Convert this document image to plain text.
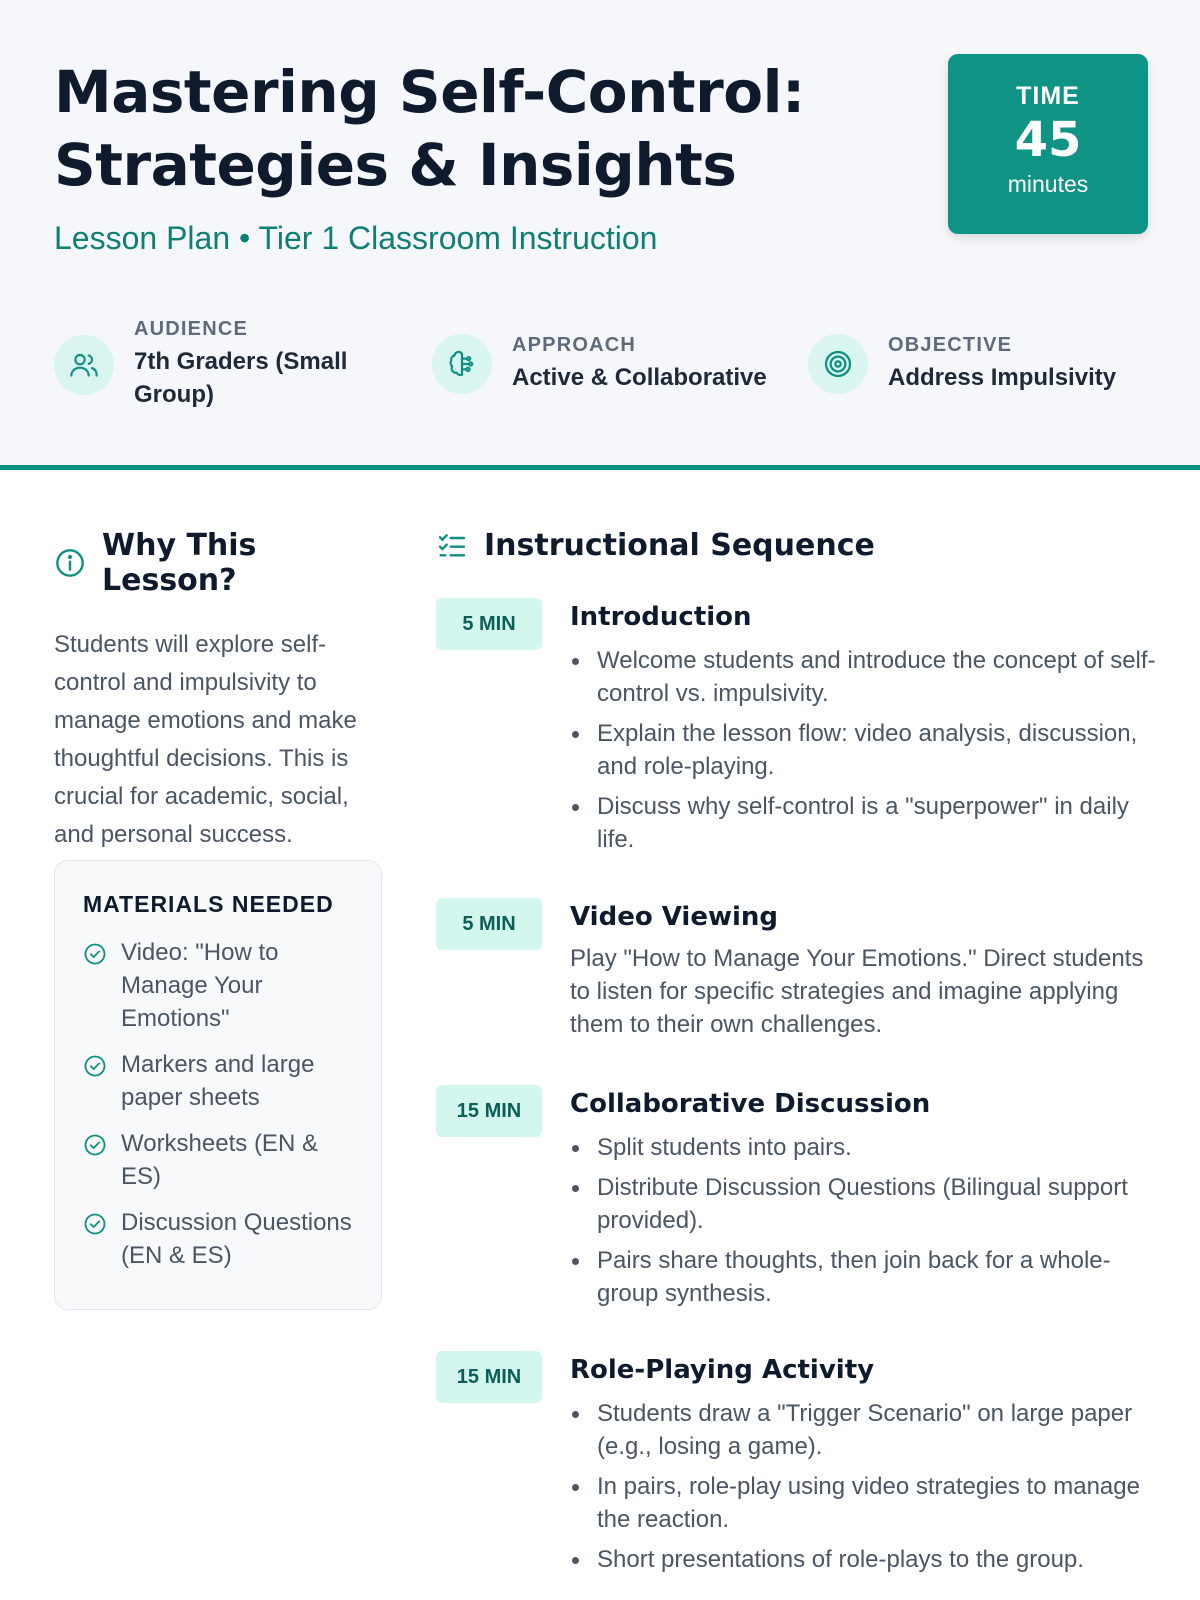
Mastering Self-Control:
Strategies & Insights
Lesson Plan • Tier 1 Classroom Instruction
TIME
45
minutes
AUDIENCE
7th Graders (Small Group)
APPROACH
Active & Collaborative
OBJECTIVE
Address Impulsivity
Why This Lesson?

Students will explore self-control and impulsivity to manage emotions and make thoughtful decisions. This is crucial for academic, social, and personal success.

MATERIALS NEEDED
Video: "How to Manage Your Emotions"
Markers and large paper sheets
Worksheets (EN & ES)
Discussion Questions (EN & ES)
Instructional Sequence
5 MIN	Introduction
Welcome students and introduce the concept of self-control vs. impulsivity.
Explain the lesson flow: video analysis, discussion, and role-playing.
Discuss why self-control is a "superpower" in daily life.
5 MIN	Video Viewing

Play "How to Manage Your Emotions." Direct students to listen for specific strategies and imagine applying them to their own challenges.

15 MIN	Collaborative Discussion
Split students into pairs.
Distribute Discussion Questions (Bilingual support provided).
Pairs share thoughts, then join back for a whole-group synthesis.
15 MIN	Role-Playing Activity
Students draw a "Trigger Scenario" on large paper (e.g., losing a game).
In pairs, role-play using video strategies to manage the reaction.
Short presentations of role-plays to the group.
